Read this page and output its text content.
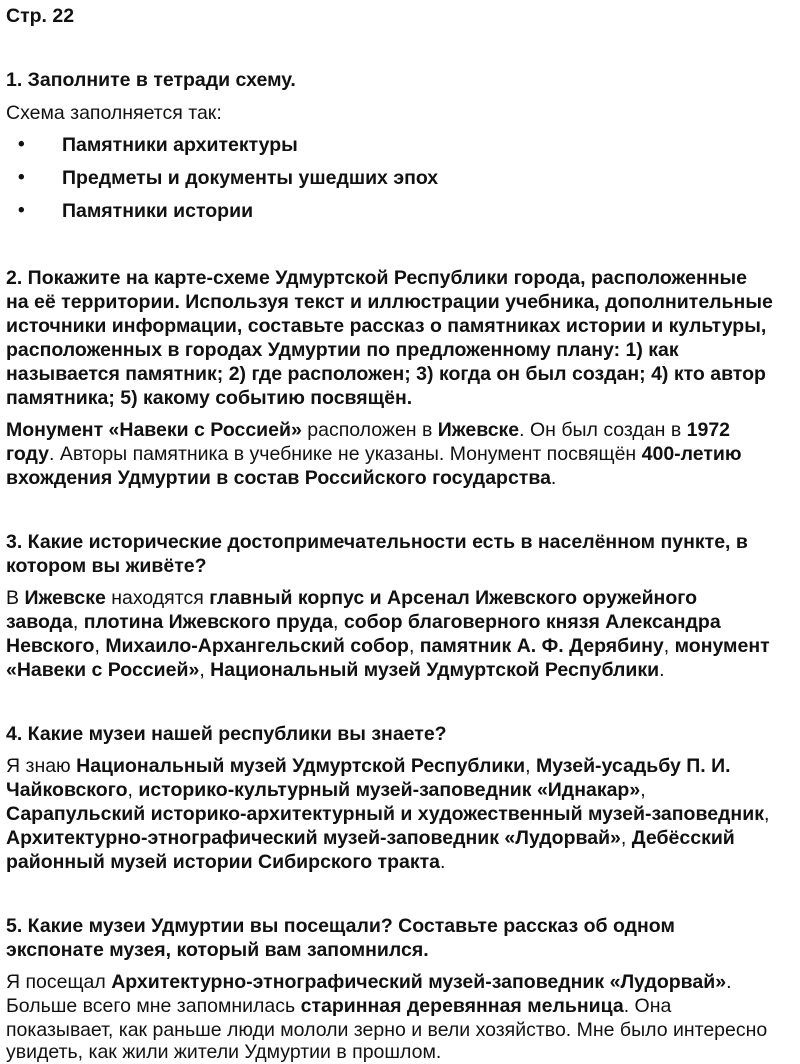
Стр. 22
1. Заполните в тетради схему.
Схема заполняется так:
• Памятники архитектуры
• Предметы и документы ушедших эпох
• Памятники истории
2. Покажите на карте-схеме Удмуртской Республики города, расположенные
на её территории. Используя текст и иллюстрации учебника, дополнительные
источники информации, составьте рассказ о памятниках истории и культуры,
расположенных в городах Удмуртии по предложенному плану: 1) как
называется памятник; 2) где расположен; 3) когда он был создан; 4) кто автор
памятника; 5) какому событию посвящён.
Монумент «Навеки с Россией» расположен в Ижевске. Он был создан в 1972
году. Авторы памятника в учебнике не указаны. Монумент посвящён 400-летию
вхождения Удмуртии в состав Российского государства.
3. Какие исторические достопримечательности есть в населённом пункте, в
котором вы живёте?
В Ижевске находятся главный корпус и Арсенал Ижевского оружейного
завода, плотина Ижевского пруда, собор благоверного князя Александра
Невского, Михаило-Архангельский собор, памятник А. Ф. Дерябину, монумент
«Навеки с Россией», Национальный музей Удмуртской Республики.
4. Какие музеи нашей республики вы знаете?
Я знаю Национальный музей Удмуртской Республики, Музей-усадьбу П. И.
Чайковского, историко-культурный музей-заповедник «Иднакар»,
Сарапульский историко-архитектурный и художественный музей-заповедник,
Архитектурно-этнографический музей-заповедник «Лудорвай», Дебёсский
районный музей истории Сибирского тракта.
5. Какие музеи Удмуртии вы посещали? Составьте рассказ об одном
экспонате музея, который вам запомнился.
Я посещал Архитектурно-этнографический музей-заповедник «Лудорвай».
Больше всего мне запомнилась старинная деревянная мельница. Она
показывает, как раньше люди мололи зерно и вели хозяйство. Мне было интересно
увидеть, как жили жители Удмуртии в прошлом.
